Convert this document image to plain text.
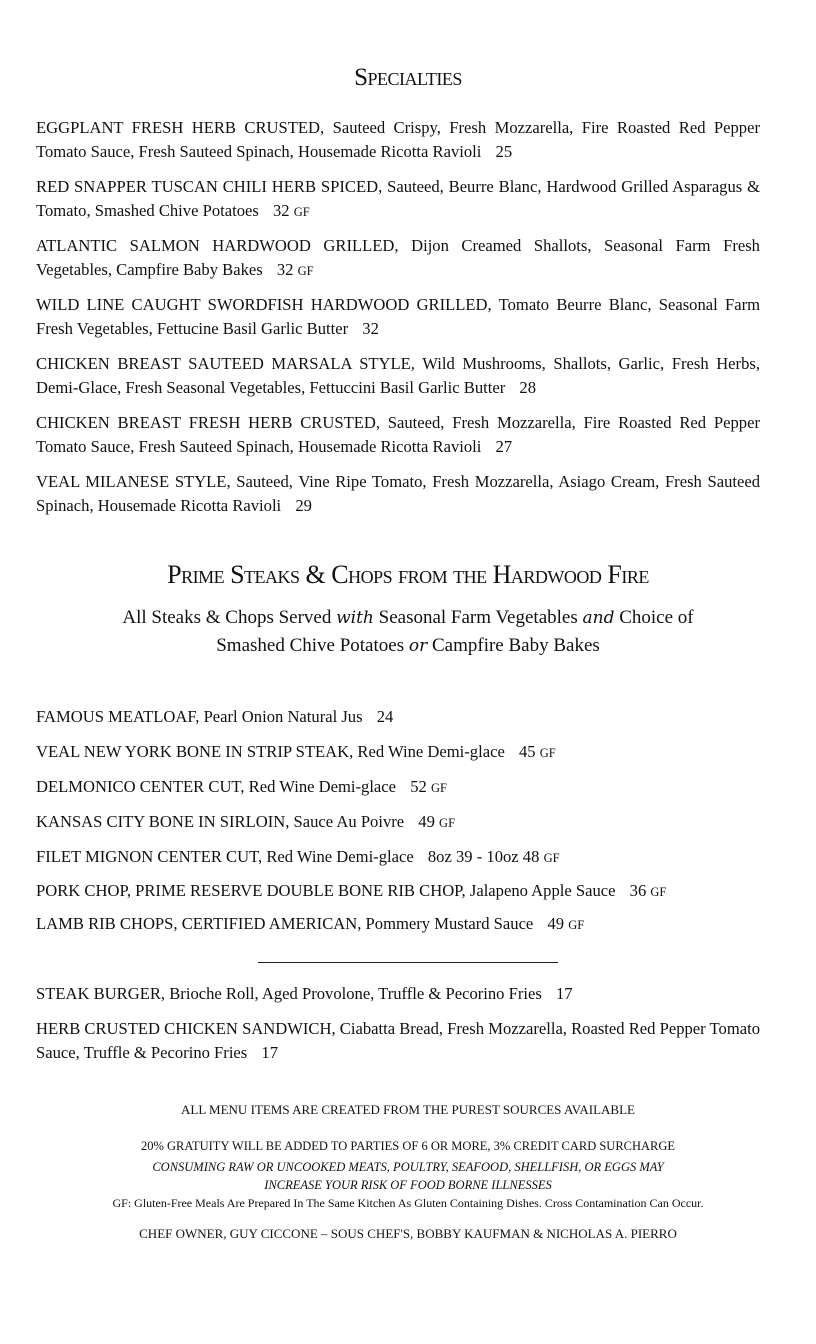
Specialties
EGGPLANT FRESH HERB CRUSTED, Sauteed Crispy, Fresh Mozzarella, Fire Roasted Red Pepper Tomato Sauce, Fresh Sauteed Spinach, Housemade Ricotta Ravioli 25
RED SNAPPER TUSCAN CHILI HERB SPICED, Sauteed, Beurre Blanc, Hardwood Grilled Asparagus & Tomato, Smashed Chive Potatoes 32 GF
ATLANTIC SALMON HARDWOOD GRILLED, Dijon Creamed Shallots, Seasonal Farm Fresh Vegetables, Campfire Baby Bakes 32 GF
WILD LINE CAUGHT SWORDFISH HARDWOOD GRILLED, Tomato Beurre Blanc, Seasonal Farm Fresh Vegetables, Fettucine Basil Garlic Butter 32
CHICKEN BREAST SAUTEED MARSALA STYLE, Wild Mushrooms, Shallots, Garlic, Fresh Herbs, Demi-Glace, Fresh Seasonal Vegetables, Fettuccini Basil Garlic Butter 28
CHICKEN BREAST FRESH HERB CRUSTED, Sauteed, Fresh Mozzarella, Fire Roasted Red Pepper Tomato Sauce, Fresh Sauteed Spinach, Housemade Ricotta Ravioli 27
VEAL MILANESE STYLE, Sauteed, Vine Ripe Tomato, Fresh Mozzarella, Asiago Cream, Fresh Sauteed Spinach, Housemade Ricotta Ravioli 29
Prime Steaks & Chops from the Hardwood Fire
All Steaks & Chops Served with Seasonal Farm Vegetables and Choice of
Smashed Chive Potatoes or Campfire Baby Bakes
FAMOUS MEATLOAF, Pearl Onion Natural Jus 24
VEAL NEW YORK BONE IN STRIP STEAK, Red Wine Demi-glace 45 GF
DELMONICO CENTER CUT, Red Wine Demi-glace 52 GF
KANSAS CITY BONE IN SIRLOIN, Sauce Au Poivre 49 GF
FILET MIGNON CENTER CUT, Red Wine Demi-glace 8oz 39 - 10oz 48 GF
PORK CHOP, PRIME RESERVE DOUBLE BONE RIB CHOP, Jalapeno Apple Sauce 36 GF
LAMB RIB CHOPS, CERTIFIED AMERICAN, Pommery Mustard Sauce 49 GF
STEAK BURGER, Brioche Roll, Aged Provolone, Truffle & Pecorino Fries 17
HERB CRUSTED CHICKEN SANDWICH, Ciabatta Bread, Fresh Mozzarella, Roasted Red Pepper Tomato Sauce, Truffle & Pecorino Fries 17
ALL MENU ITEMS ARE CREATED FROM THE PUREST SOURCES AVAILABLE
20% GRATUITY WILL BE ADDED TO PARTIES OF 6 OR MORE, 3% CREDIT CARD SURCHARGE
CONSUMING RAW OR UNCOOKED MEATS, POULTRY, SEAFOOD, SHELLFISH, OR EGGS MAY
INCREASE YOUR RISK OF FOOD BORNE ILLNESSES
GF: Gluten-Free Meals Are Prepared In The Same Kitchen As Gluten Containing Dishes. Cross Contamination Can Occur.
CHEF OWNER, GUY CICCONE – SOUS CHEF'S, BOBBY KAUFMAN & NICHOLAS A. PIERRO
